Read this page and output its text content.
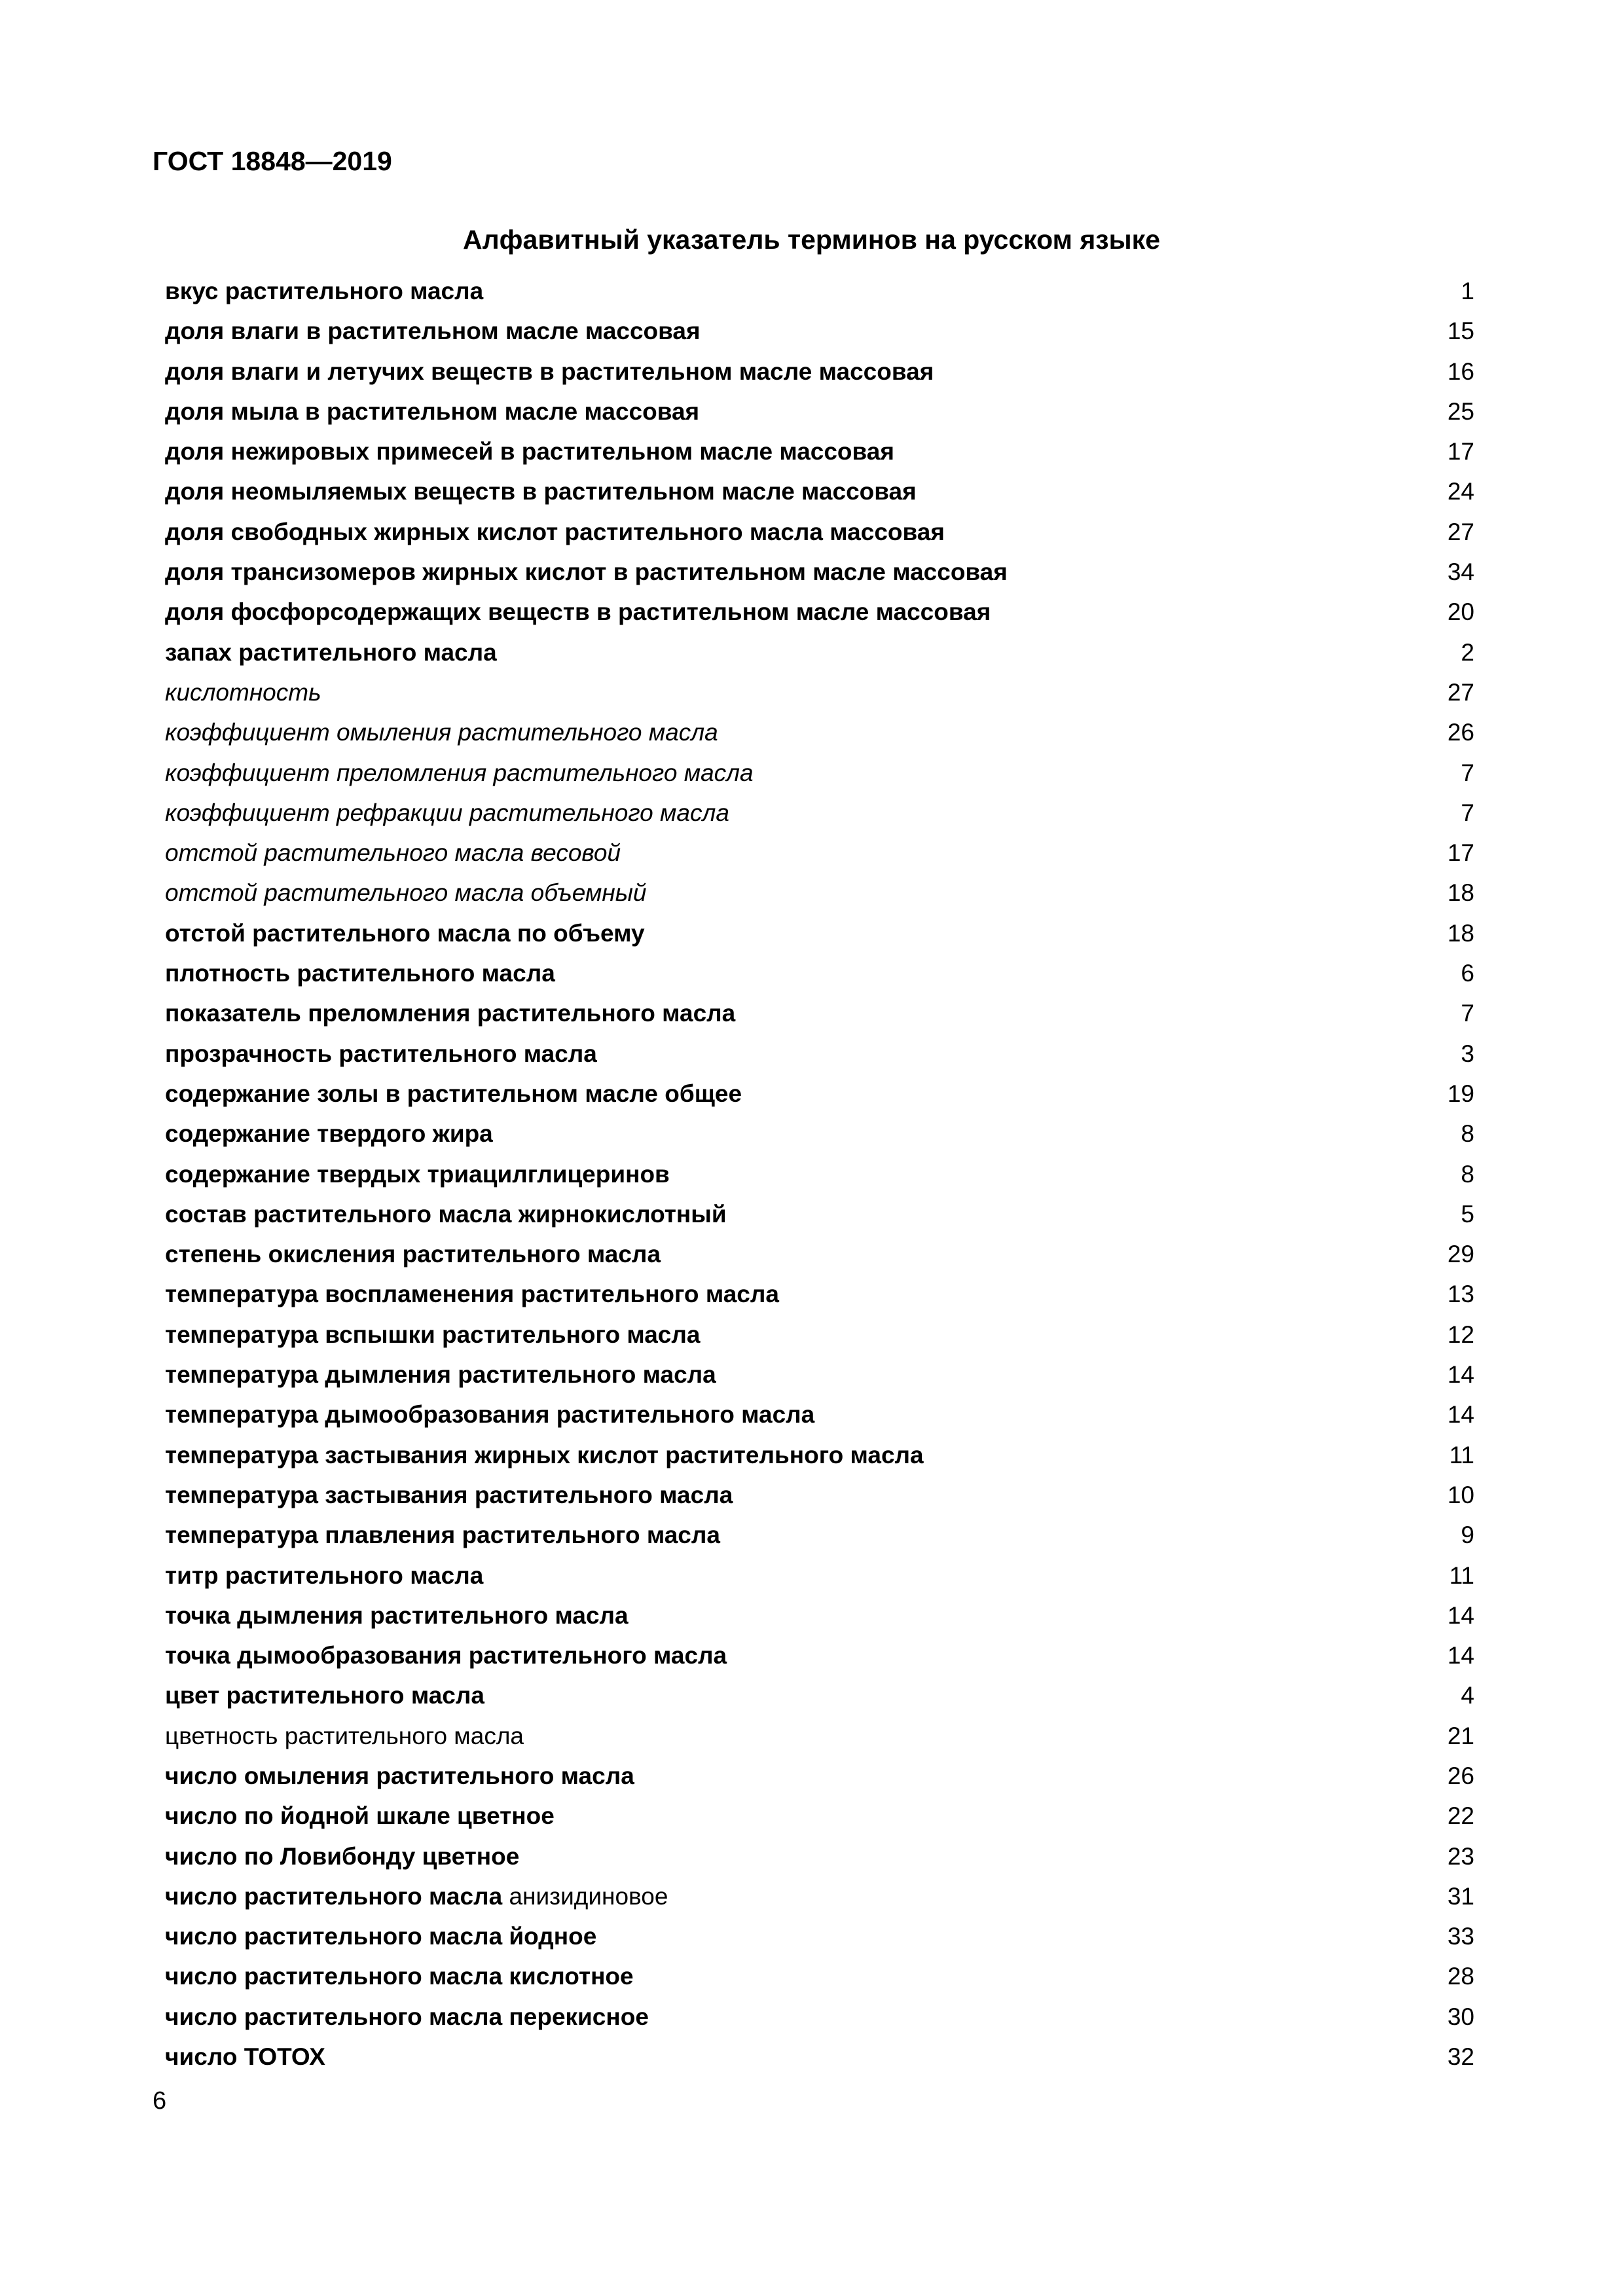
ГОСТ 18848—2019
Алфавитный указатель терминов на русском языке
вкус растительного масла	1
доля влаги в растительном масле массовая	15
доля влаги и летучих веществ в растительном масле массовая	16
доля мыла в растительном масле массовая	25
доля нежировых примесей в растительном масле массовая	17
доля неомыляемых веществ в растительном масле массовая	24
доля свободных жирных кислот растительного масла массовая	27
доля трансизомеров жирных кислот в растительном масле массовая	34
доля фосфорсодержащих веществ в растительном масле массовая	20
запах растительного масла	2
кислотность	27
коэффициент омыления растительного масла	26
коэффициент преломления растительного масла	7
коэффициент рефракции растительного масла	7
отстой растительного масла весовой	17
отстой растительного масла объемный	18
отстой растительного масла по объему	18
плотность растительного масла	6
показатель преломления растительного масла	7
прозрачность растительного масла	3
содержание золы в растительном масле общее	19
содержание твердого жира	8
содержание твердых триацилглицеринов	8
состав растительного масла жирнокислотный	5
степень окисления растительного масла	29
температура воспламенения растительного масла	13
температура вспышки растительного масла	12
температура дымления растительного масла	14
температура дымообразования растительного масла	14
температура застывания жирных кислот растительного масла	11
температура застывания растительного масла	10
температура плавления растительного масла	9
титр растительного масла	11
точка дымления растительного масла	14
точка дымообразования растительного масла	14
цвет растительного масла	4
цветность растительного масла	21
число омыления растительного масла	26
число по йодной шкале цветное	22
число по Ловибонду цветное	23
число растительного масла анизидиновое	31
число растительного масла йодное	33
число растительного масла кислотное	28
число растительного масла перекисное	30
число ТОТОХ	32
6
